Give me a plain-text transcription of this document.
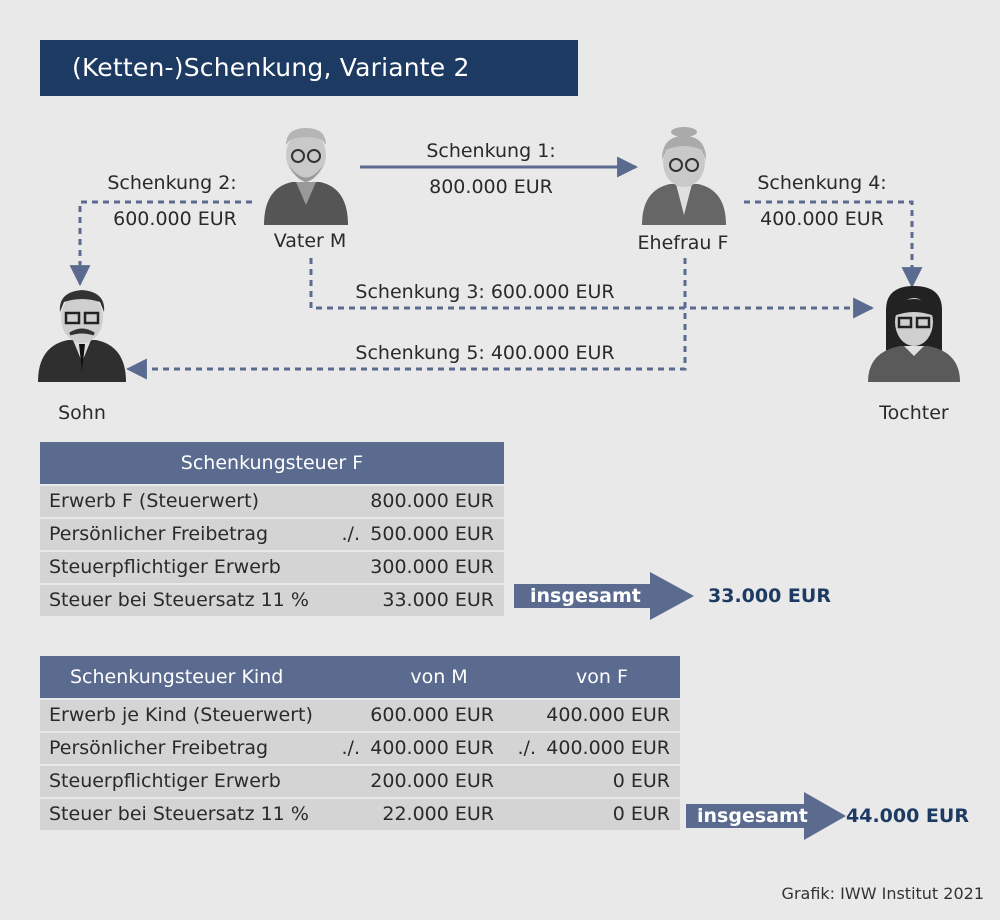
(Ketten-)Schenkung, Variante 2
Schenkung 1:
800.000 EUR
Schenkung 2:
600.000 EUR
Schenkung 3: 600.000 EUR
Schenkung 4:
400.000 EUR
Schenkung 5: 400.000 EUR
Vater M	Ehefrau F
Sohn	Tochter
Schenkungsteuer F
Erwerb F (Steuerwert)	800.000 EUR
Persönlicher Freibetrag	./. 500.000 EUR
Steuerpflichtiger Erwerb	300.000 EUR
Steuer bei Steuersatz 11 %	33.000 EUR	insgesamt	33.000 EUR
Schenkungsteuer Kind	von M	von F
Erwerb je Kind (Steuerwert)	600.000 EUR	400.000 EUR
Persönlicher Freibetrag	./. 400.000 EUR	./. 400.000 EUR
Steuerpflichtiger Erwerb	200.000 EUR	0 EUR
Steuer bei Steuersatz 11 %	22.000 EUR	0 EUR	insgesamt 44.000 EUR
Grafik: IWW Institut 2021
